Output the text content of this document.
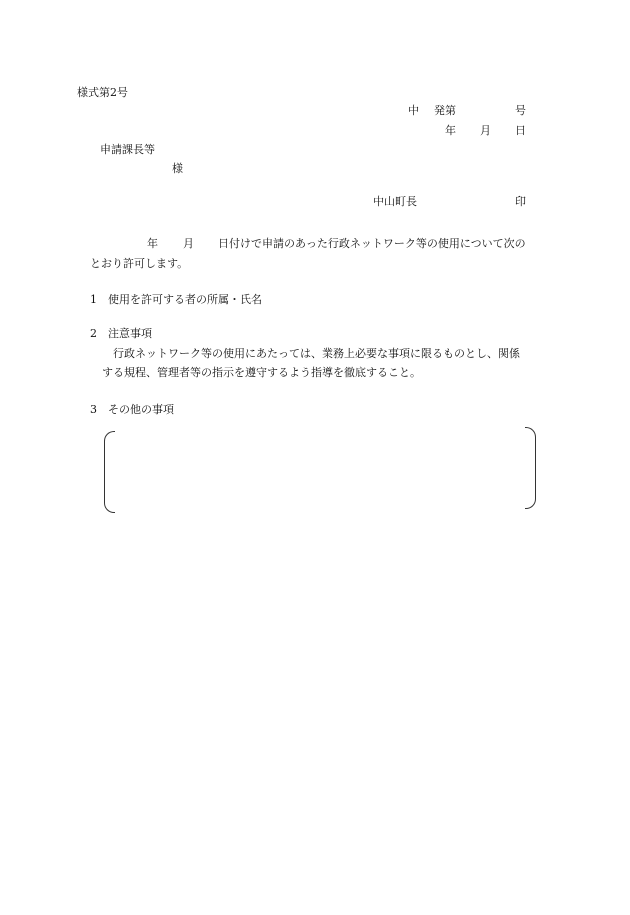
様式第2号
中 発第	号
年 月 日
申請課長等
様
中山町長	印
年 月 日付けで申請のあった行政ネットワーク等の使用について次の
とおり許可します。
1　使用を許可する者の所属・氏名
2　注意事項
行政ネットワーク等の使用にあたっては、業務上必要な事項に限るものとし、関係
する規程、管理者等の指示を遵守するよう指導を徹底すること。
3　その他の事項
